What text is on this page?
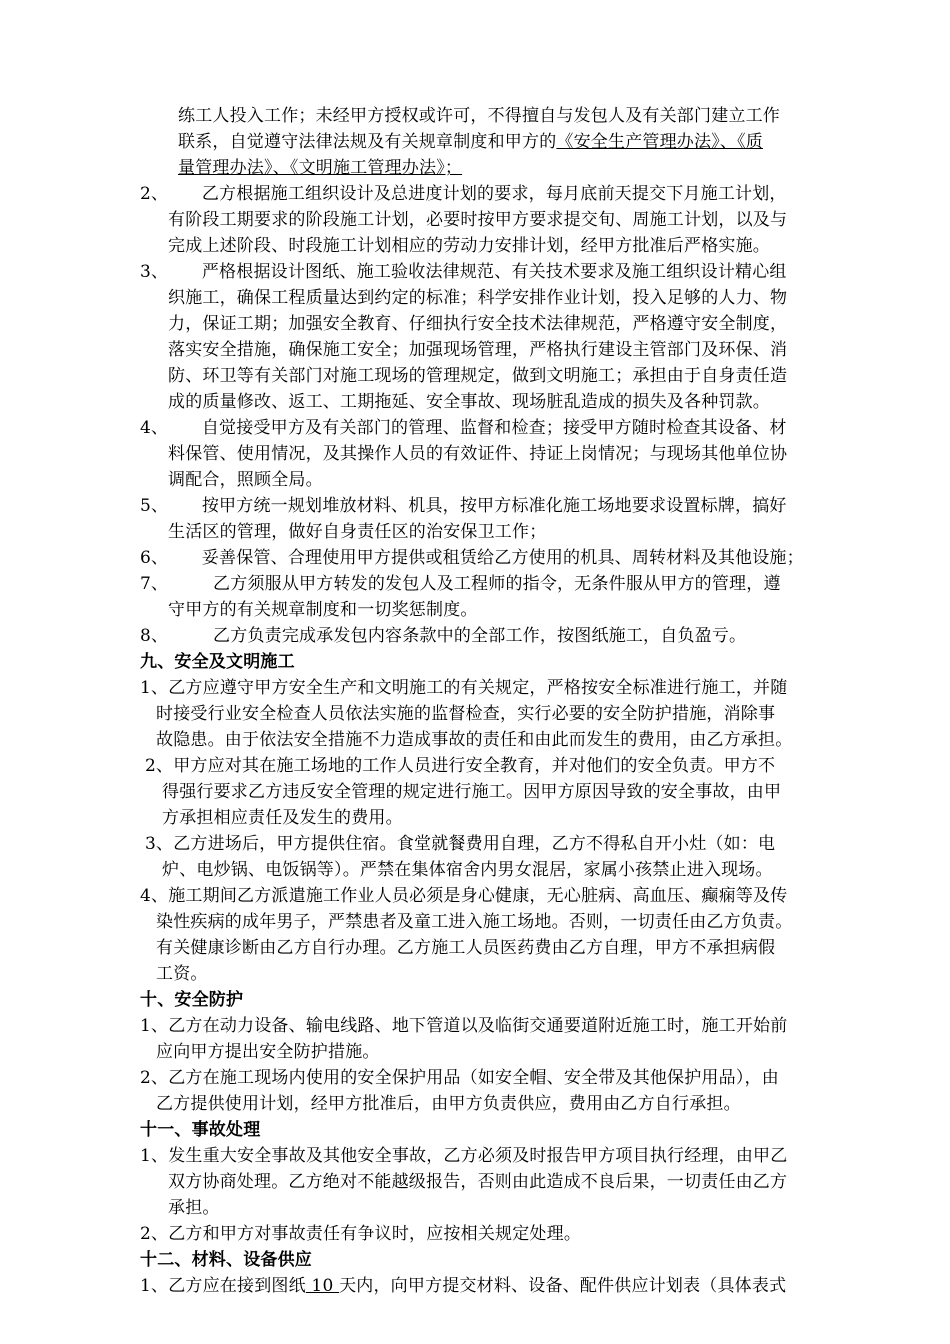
练工人投入工作；未经甲方授权或许可，不得擅自与发包人及有关部门建立工作
联系，自觉遵守法律法规及有关规章制度和甲方的《安全生产管理办法》、《质
量管理办法》、《文明施工管理办法》；
2、      乙方根据施工组织设计及总进度计划的要求，每月底前天提交下月施工计划，
有阶段工期要求的阶段施工计划，必要时按甲方要求提交旬、周施工计划，以及与
完成上述阶段、时段施工计划相应的劳动力安排计划，经甲方批准后严格实施。
3、      严格根据设计图纸、施工验收法律规范、有关技术要求及施工组织设计精心组
织施工，确保工程质量达到约定的标准；科学安排作业计划，投入足够的人力、物
力，保证工期；加强安全教育、仔细执行安全技术法律规范，严格遵守安全制度，
落实安全措施，确保施工安全；加强现场管理，严格执行建设主管部门及环保、消
防、环卫等有关部门对施工现场的管理规定，做到文明施工；承担由于自身责任造
成的质量修改、返工、工期拖延、安全事故、现场脏乱造成的损失及各种罚款。
4、      自觉接受甲方及有关部门的管理、监督和检查；接受甲方随时检查其设备、材
料保管、使用情况，及其操作人员的有效证件、持证上岗情况；与现场其他单位协
调配合，照顾全局。
5、      按甲方统一规划堆放材料、机具，按甲方标准化施工场地要求设置标牌，搞好
生活区的管理，做好自身责任区的治安保卫工作；
6、      妥善保管、合理使用甲方提供或租赁给乙方使用的机具、周转材料及其他设施；
7、        乙方须服从甲方转发的发包人及工程师的指令，无条件服从甲方的管理，遵
守甲方的有关规章制度和一切奖惩制度。
8、        乙方负责完成承发包内容条款中的全部工作，按图纸施工，自负盈亏。
九、安全及文明施工
1、乙方应遵守甲方安全生产和文明施工的有关规定，严格按安全标准进行施工，并随
时接受行业安全检查人员依法实施的监督检查，实行必要的安全防护措施，消除事
故隐患。由于依法安全措施不力造成事故的责任和由此而发生的费用，由乙方承担。
2、甲方应对其在施工场地的工作人员进行安全教育，并对他们的安全负责。甲方不
得强行要求乙方违反安全管理的规定进行施工。因甲方原因导致的安全事故，由甲
方承担相应责任及发生的费用。
3、乙方进场后，甲方提供住宿。食堂就餐费用自理，乙方不得私自开小灶（如：电
炉、电炒锅、电饭锅等）。严禁在集体宿舍内男女混居，家属小孩禁止进入现场。
4、施工期间乙方派遣施工作业人员必须是身心健康，无心脏病、高血压、癫痫等及传
染性疾病的成年男子，严禁患者及童工进入施工场地。否则，一切责任由乙方负责。
有关健康诊断由乙方自行办理。乙方施工人员医药费由乙方自理，甲方不承担病假
工资。
十、安全防护
1、乙方在动力设备、输电线路、地下管道以及临街交通要道附近施工时，施工开始前
应向甲方提出安全防护措施。
2、乙方在施工现场内使用的安全保护用品（如安全帽、安全带及其他保护用品），由
乙方提供使用计划，经甲方批准后，由甲方负责供应，费用由乙方自行承担。
十一、事故处理
1、发生重大安全事故及其他安全事故，乙方必须及时报告甲方项目执行经理，由甲乙
双方协商处理。乙方绝对不能越级报告，否则由此造成不良后果，一切责任由乙方
承担。
2、乙方和甲方对事故责任有争议时，应按相关规定处理。
十二、材料、设备供应
1、乙方应在接到图纸 10 天内，向甲方提交材料、设备、配件供应计划表（具体表式
